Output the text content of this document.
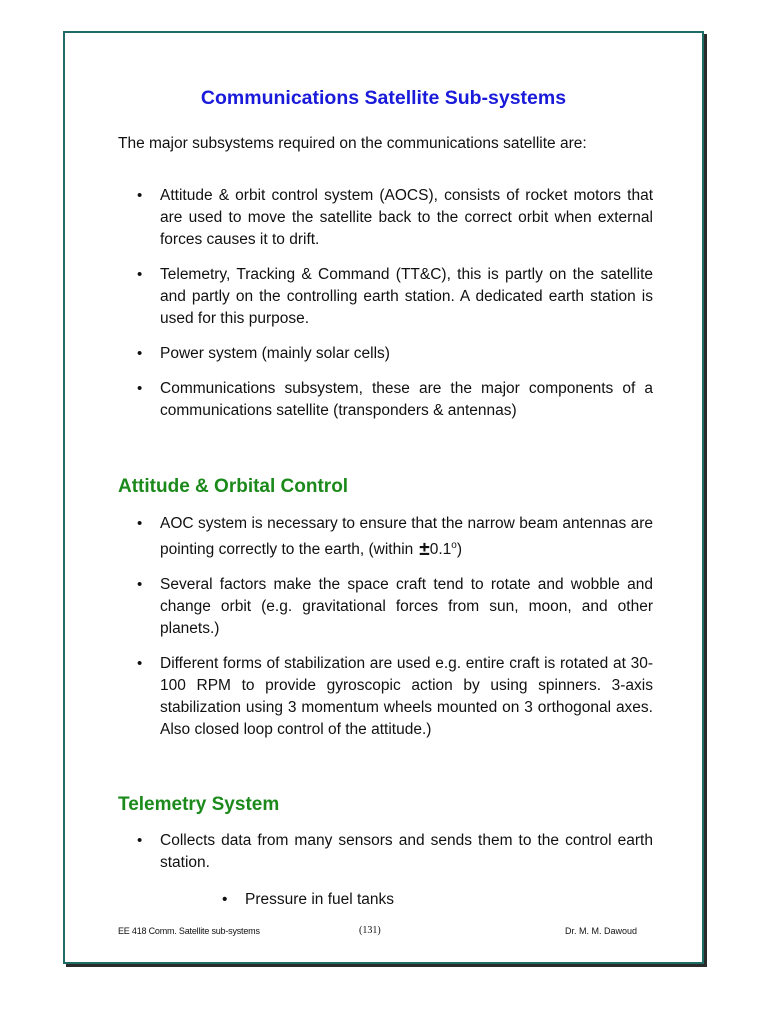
Communications Satellite Sub-systems
The major subsystems required on the communications satellite are:
• Attitude & orbit control system (AOCS), consists of rocket motors that are used to move the satellite back to the correct orbit when external forces causes it to drift.
• Telemetry, Tracking & Command (TT&C), this is partly on the satellite and partly on the controlling earth station. A dedicated earth station is used for this purpose.
• Power system (mainly solar cells)
• Communications subsystem, these are the major components of a communications satellite (transponders & antennas)
Attitude & Orbital Control
• AOC system is necessary to ensure that the narrow beam antennas are pointing correctly to the earth, (within $\pm 0.1^o$)
• Several factors make the space craft tend to rotate and wobble and change orbit (e.g. gravitational forces from sun, moon, and other planets.)
• Different forms of stabilization are used e.g. entire craft is rotated at 30-100 RPM to provide gyroscopic action by using spinners. 3-axis stabilization using 3 momentum wheels mounted on 3 orthogonal axes. Also closed loop control of the attitude.)
Telemetry System
• Collects data from many sensors and sends them to the control earth station.
• Pressure in fuel tanks
EE 418 Comm. Satellite sub-systems	(131)	Dr. M. M. Dawoud
